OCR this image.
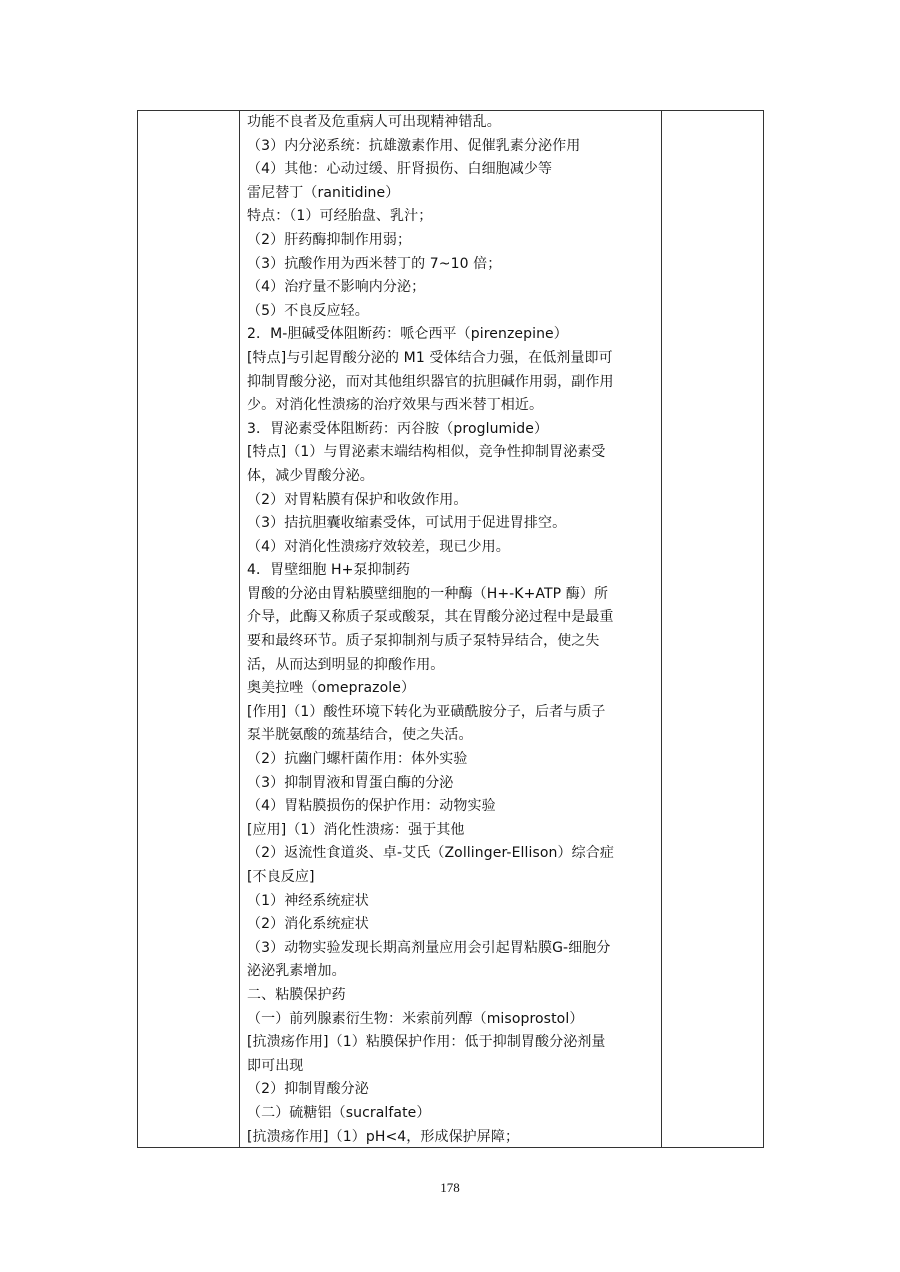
功能不良者及危重病人可出现精神错乱。
（3）内分泌系统：抗雄激素作用、促催乳素分泌作用
（4）其他：心动过缓、肝肾损伤、白细胞减少等
雷尼替丁（ranitidine）
特点：（1）可经胎盘、乳汁；
（2）肝药酶抑制作用弱；
（3）抗酸作用为西米替丁的 7~10 倍；
（4）治疗量不影响内分泌；
（5）不良反应轻。
2．M-胆碱受体阻断药：哌仑西平（pirenzepine）
[特点]与引起胃酸分泌的 M1 受体结合力强，在低剂量即可
抑制胃酸分泌，而对其他组织器官的抗胆碱作用弱，副作用
少。对消化性溃疡的治疗效果与西米替丁相近。
3．胃泌素受体阻断药：丙谷胺（proglumide）
[特点]（1）与胃泌素末端结构相似，竞争性抑制胃泌素受
体，减少胃酸分泌。
（2）对胃粘膜有保护和收敛作用。
（3）拮抗胆囊收缩素受体，可试用于促进胃排空。
（4）对消化性溃疡疗效较差，现已少用。
4．胃壁细胞 H+泵抑制药
胃酸的分泌由胃粘膜壁细胞的一种酶（H+-K+ATP 酶）所
介导，此酶又称质子泵或酸泵，其在胃酸分泌过程中是最重
要和最终环节。质子泵抑制剂与质子泵特异结合，使之失
活，从而达到明显的抑酸作用。
奥美拉唑（omeprazole）
[作用]（1）酸性环境下转化为亚磺酰胺分子，后者与质子
泵半胱氨酸的巯基结合，使之失活。
（2）抗幽门螺杆菌作用：体外实验
（3）抑制胃液和胃蛋白酶的分泌
（4）胃粘膜损伤的保护作用：动物实验
[应用]（1）消化性溃疡：强于其他
（2）返流性食道炎、卓-艾氏（Zollinger-Ellison）综合症
[不良反应]
（1）神经系统症状
（2）消化系统症状
（3）动物实验发现长期高剂量应用会引起胃粘膜G-细胞分
泌泌乳素增加。
二、粘膜保护药
（一）前列腺素衍生物：米索前列醇（misoprostol）
[抗溃疡作用]（1）粘膜保护作用：低于抑制胃酸分泌剂量
即可出现
（2）抑制胃酸分泌
（二）硫糖铝（sucralfate）
[抗溃疡作用]（1）pH<4，形成保护屏障；
178
